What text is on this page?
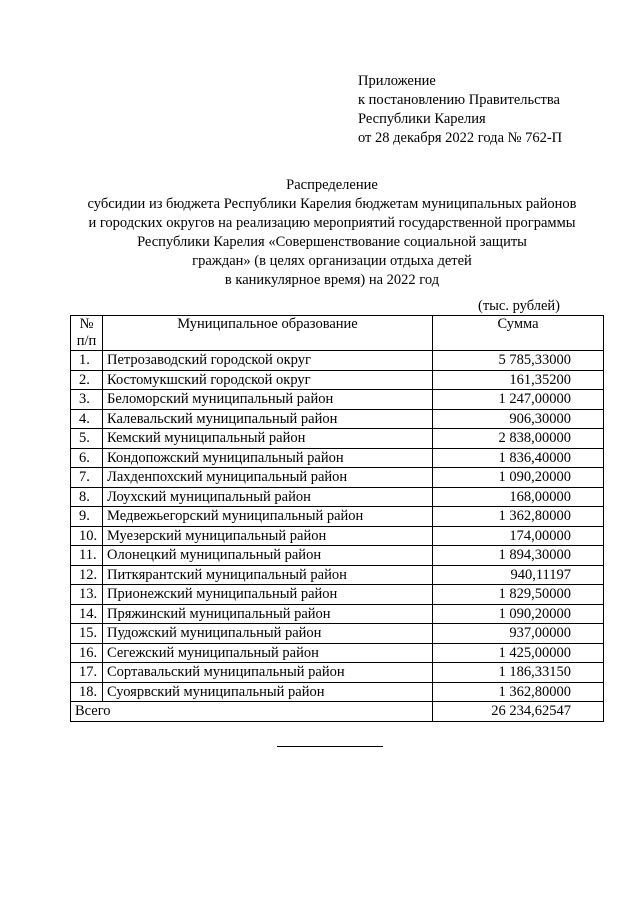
Приложение
к постановлению Правительства
Республики Карелия
от 28 декабря 2022 года № 762-П
Распределение
субсидии из бюджета Республики Карелия бюджетам муниципальных районов
и городских округов на реализацию мероприятий государственной программы
Республики Карелия «Совершенствование социальной защиты
граждан» (в целях организации отдыха детей
в каникулярное время) на 2022 год
(тыс. рублей)
№ п/п	Муниципальное образование	Сумма
1.	Петрозаводский городской округ	5 785,33000
2.	Костомукшский городской округ	161,35200
3.	Беломорский муниципальный район	1 247,00000
4.	Калевальский муниципальный район	906,30000
5.	Кемский муниципальный район	2 838,00000
6.	Кондопожский муниципальный район	1 836,40000
7.	Лахденпохский муниципальный район	1 090,20000
8.	Лоухский муниципальный район	168,00000
9.	Медвежьегорский муниципальный район	1 362,80000
10.	Муезерский муниципальный район	174,00000
11.	Олонецкий муниципальный район	1 894,30000
12.	Питкярантский муниципальный район	940,11197
13.	Прионежский муниципальный район	1 829,50000
14.	Пряжинский муниципальный район	1 090,20000
15.	Пудожский муниципальный район	937,00000
16.	Сегежский муниципальный район	1 425,00000
17.	Сортавальский муниципальный район	1 186,33150
18.	Суоярвский муниципальный район	1 362,80000
Всего		26 234,62547
